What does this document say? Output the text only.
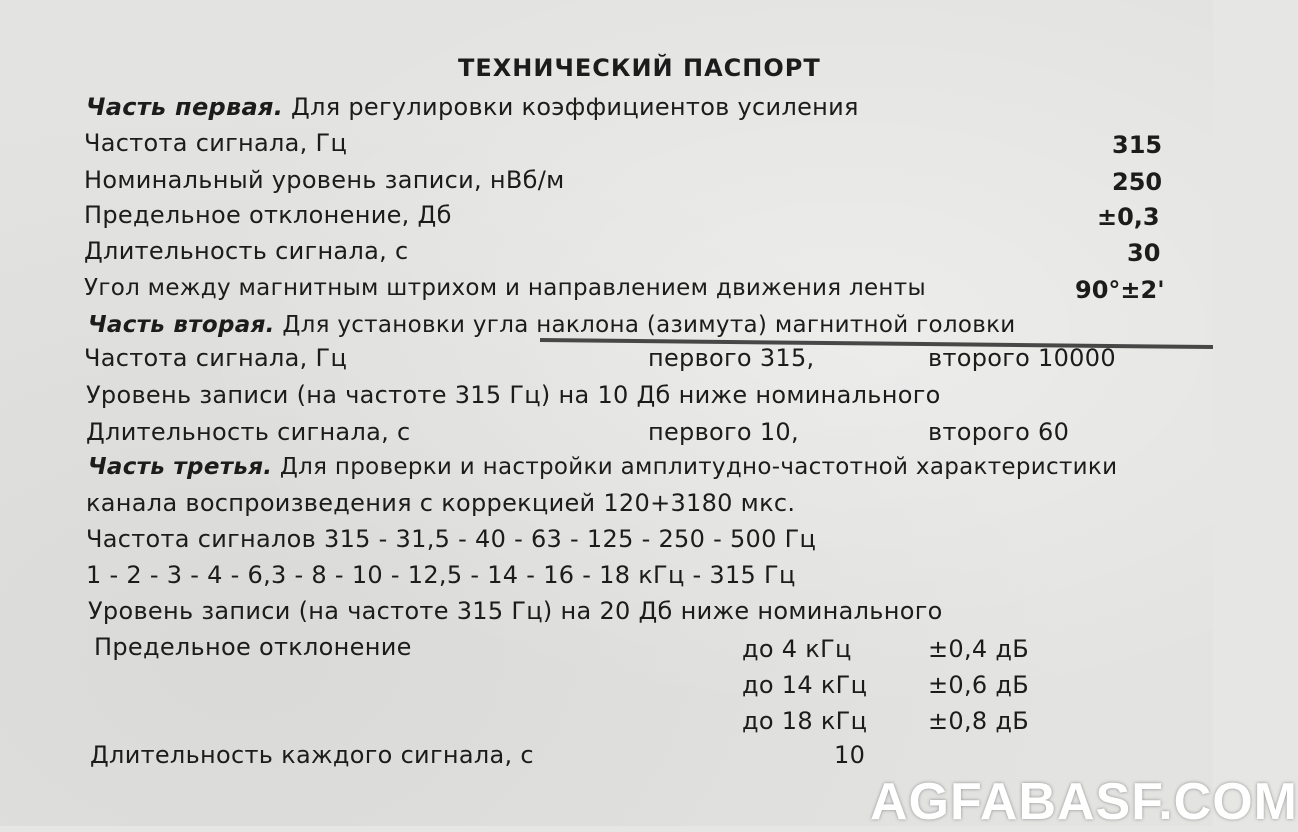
ТЕХНИЧЕСКИЙ ПАСПОРТ
Часть первая. Для регулировки коэффициентов усиления
Частота сигнала, Гц	315
Номинальный уровень записи, нВб/м	250
Предельное отклонение, Дб	±0,3
Длительность сигнала, с	30
Угол между магнитным штрихом и направлением движения ленты	90°±2'
Часть вторая. Для установки угла наклона (азимута) магнитной головки
Частота сигнала, Гц	первого 315,	второго 10000
Уровень записи (на частоте 315 Гц) на 10 Дб ниже номинального
Длительность сигнала, с	первого 10,	второго 60
Часть третья. Для проверки и настройки амплитудно-частотной характеристики
канала воспроизведения с коррекцией 120+3180 мкс.
Частота сигналов 315 - 31,5 - 40 - 63 - 125 - 250 - 500 Гц
1 - 2 - 3 - 4 - 6,3 - 8 - 10 - 12,5 - 14 - 16 - 18 кГц - 315 Гц
Уровень записи (на частоте 315 Гц) на 20 Дб ниже номинального
Предельное отклонение	до 4 кГц	±0,4 дБ
до 14 кГц	±0,6 дБ
до 18 кГц	±0,8 дБ
Длительность каждого сигнала, с	10
AGFABASF.COM
